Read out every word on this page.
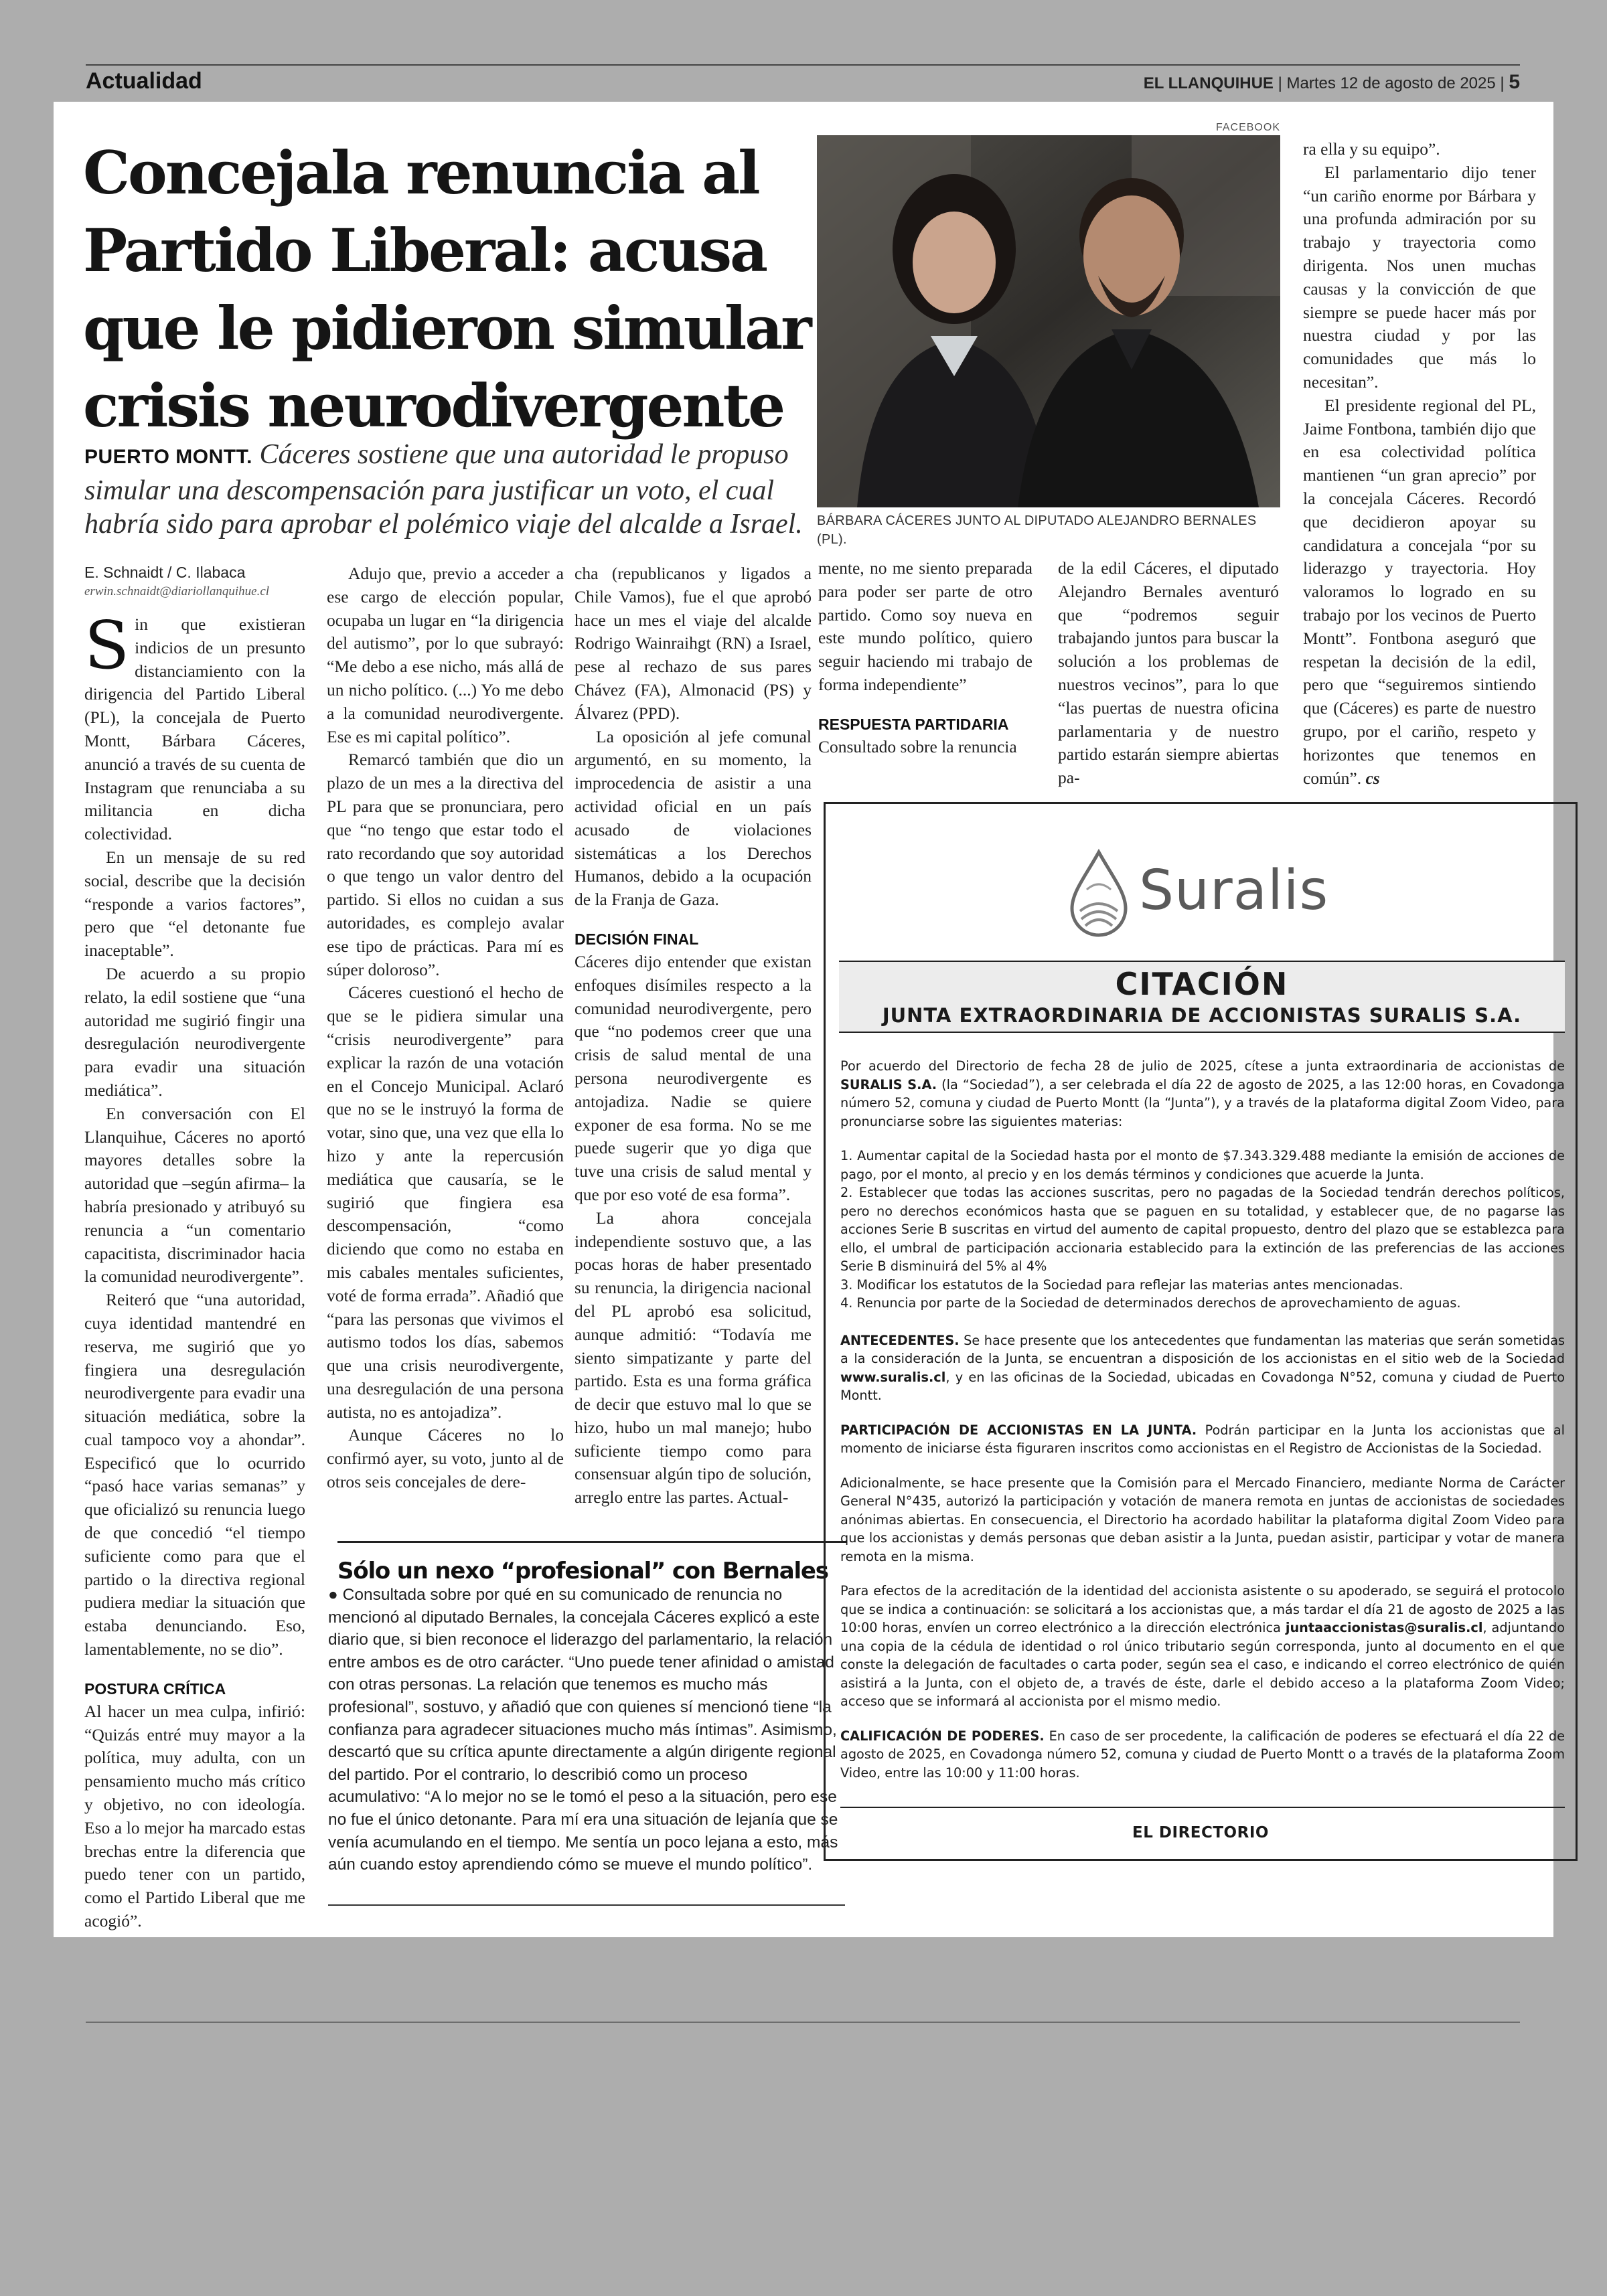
Actualidad	EL LLANQUIHUE | Martes 12 de agosto de 2025 | 5
Concejala renuncia al Partido Liberal: acusa que le pidieron simular crisis neurodivergente
PUERTO MONTT. Cáceres sostiene que una autoridad le propuso simular una descompensación para justificar un voto, el cual habría sido para aprobar el polémico viaje del alcalde a Israel.
E. Schnaidt / C. Ilabaca
erwin.schnaidt@diariollanquihue.cl

Sin que existieran indicios de un presunto distanciamiento con la dirigencia del Partido Liberal (PL), la concejala de Puerto Montt, Bárbara Cáceres, anunció a través de su cuenta de Instagram que renunciaba a su militancia en dicha colectividad.

En un mensaje de su red social, describe que la decisión “responde a varios factores”, pero que “el detonante fue inaceptable”.

De acuerdo a su propio relato, la edil sostiene que “una autoridad me sugirió fingir una desregulación neurodivergente para evadir una situación mediática”.

En conversación con El Llanquihue, Cáceres no aportó mayores detalles sobre la autoridad que –según afirma– la habría presionado y atribuyó su renuncia a “un comentario capacitista, discriminador hacia la comunidad neurodivergente”.

Reiteró que “una autoridad, cuya identidad mantendré en reserva, me sugirió que yo fingiera una desregulación neurodivergente para evadir una situación mediática, sobre la cual tampoco voy a ahondar”. Especificó que lo ocurrido “pasó hace varias semanas” y que oficializó su renuncia luego de que concedió “el tiempo suficiente como para que el partido o la directiva regional pudiera mediar la situación que estaba denunciando. Eso, lamentablemente, no se dio”.

POSTURA CRÍTICA

Al hacer un mea culpa, infirió: “Quizás entré muy mayor a la política, muy adulta, con un pensamiento mucho más crítico y objetivo, no con ideología. Eso a lo mejor ha marcado estas brechas entre la diferencia que puedo tener con un partido, como el Partido Liberal que me acogió”.

Adujo que, previo a acceder a ese cargo de elección popular, ocupaba un lugar en “la dirigencia del autismo”, por lo que subrayó: “Me debo a ese nicho, más allá de un nicho político. (...) Yo me debo a la comunidad neurodivergente. Ese es mi capital político”.

Remarcó también que dio un plazo de un mes a la directiva del PL para que se pronunciara, pero que “no tengo que estar todo el rato recordando que soy autoridad o que tengo un valor dentro del partido. Si ellos no cuidan a sus autoridades, es complejo avalar ese tipo de prácticas. Para mí es súper doloroso”.

Cáceres cuestionó el hecho de que se le pidiera simular una “crisis neurodivergente” para explicar la razón de una votación en el Concejo Municipal. Aclaró que no se le instruyó la forma de votar, sino que, una vez que ella lo hizo y ante la repercusión mediática que causaría, se le sugirió que fingiera esa descompensación, “como diciendo que como no estaba en mis cabales mentales suficientes, voté de forma errada”. Añadió que “para las personas que vivimos el autismo todos los días, sabemos que una crisis neurodivergente, una desregulación de una persona autista, no es antojadiza”.

Aunque Cáceres no lo confirmó ayer, su voto, junto al de otros seis concejales de dere-

cha (republicanos y ligados a Chile Vamos), fue el que aprobó hace un mes el viaje del alcalde Rodrigo Wainraihgt (RN) a Israel, pese al rechazo de sus pares Chávez (FA), Almonacid (PS) y Álvarez (PPD).

La oposición al jefe comunal argumentó, en su momento, la improcedencia de asistir a una actividad oficial en un país acusado de violaciones sistemáticas a los Derechos Humanos, debido a la ocupación de la Franja de Gaza.

DECISIÓN FINAL

Cáceres dijo entender que existan enfoques disímiles respecto a la comunidad neurodivergente, pero que “no podemos creer que una crisis de salud mental de una persona neurodivergente es antojadiza. Nadie se quiere exponer de esa forma. No se me puede sugerir que yo diga que tuve una crisis de salud mental y que por eso voté de esa forma”.

La ahora concejala independiente sostuvo que, a las pocas horas de haber presentado su renuncia, la dirigencia nacional del PL aprobó esa solicitud, aunque admitió: “Todavía me siento simpatizante y parte del partido. Esta es una forma gráfica de decir que estuvo mal lo que se hizo, hubo un mal manejo; hubo suficiente tiempo como para consensuar algún tipo de solución, arreglo entre las partes. Actual-

FACEBOOK
BÁRBARA CÁCERES JUNTO AL DIPUTADO ALEJANDRO BERNALES (PL).

mente, no me siento preparada para poder ser parte de otro partido. Como soy nueva en este mundo político, quiero seguir haciendo mi trabajo de forma independiente”

RESPUESTA PARTIDARIA

Consultado sobre la renuncia

de la edil Cáceres, el diputado Alejandro Bernales aventuró que “podremos seguir trabajando juntos para buscar la solución a los problemas de nuestros vecinos”, para lo que “las puertas de nuestra oficina parlamentaria y de nuestro partido estarán siempre abiertas pa-

ra ella y su equipo”.

El parlamentario dijo tener “un cariño enorme por Bárbara y una profunda admiración por su trabajo y trayectoria como dirigenta. Nos unen muchas causas y la convicción de que siempre se puede hacer más por nuestra ciudad y por las comunidades que más lo necesitan”.

El presidente regional del PL, Jaime Fontbona, también dijo que en esa colectividad política mantienen “un gran aprecio” por la concejala Cáceres. Recordó que decidieron apoyar su candidatura a concejala “por su liderazgo y trayectoria. Hoy valoramos lo logrado en su trabajo por los vecinos de Puerto Montt”. Fontbona aseguró que respetan la decisión de la edil, pero que “seguiremos sintiendo que (Cáceres) es parte de nuestro grupo, por el cariño, respeto y horizontes que tenemos en común”. cs

Sólo un nexo “profesional” con Bernales
● Consultada sobre por qué en su comunicado de renuncia no mencionó al diputado Bernales, la concejala Cáceres explicó a este diario que, si bien reconoce el liderazgo del parlamentario, la relación entre ambos es de otro carácter. “Uno puede tener afinidad o amistad con otras personas. La relación que tenemos es mucho más profesional”, sostuvo, y añadió que con quienes sí mencionó tiene “la confianza para agradecer situaciones mucho más íntimas”. Asimismo, descartó que su crítica apunte directamente a algún dirigente regional del partido. Por el contrario, lo describió como un proceso acumulativo: “A lo mejor no se le tomó el peso a la situación, pero ese no fue el único detonante. Para mí era una situación de lejanía que se venía acumulando en el tiempo. Me sentía un poco lejana a esto, más aún cuando estoy aprendiendo cómo se mueve el mundo político”.
Suralis
CITACIÓN
JUNTA EXTRAORDINARIA DE ACCIONISTAS SURALIS S.A.

Por acuerdo del Directorio de fecha 28 de julio de 2025, cítese a junta extraordinaria de accionistas de SURALIS S.A. (la “Sociedad”), a ser celebrada el día 22 de agosto de 2025, a las 12:00 horas, en Covadonga número 52, comuna y ciudad de Puerto Montt (la “Junta”), y a través de la plataforma digital Zoom Video, para pronunciarse sobre las siguientes materias:

1. Aumentar capital de la Sociedad hasta por el monto de $7.343.329.488 mediante la emisión de acciones de pago, por el monto, al precio y en los demás términos y condiciones que acuerde la Junta.
2. Establecer que todas las acciones suscritas, pero no pagadas de la Sociedad tendrán derechos políticos, pero no derechos económicos hasta que se paguen en su totalidad, y establecer que, de no pagarse las acciones Serie B suscritas en virtud del aumento de capital propuesto, dentro del plazo que se establezca para ello, el umbral de participación accionaria establecido para la extinción de las preferencias de las acciones Serie B disminuirá del 5% al 4%
3. Modificar los estatutos de la Sociedad para reflejar las materias antes mencionadas.
4. Renuncia por parte de la Sociedad de determinados derechos de aprovechamiento de aguas.

ANTECEDENTES. Se hace presente que los antecedentes que fundamentan las materias que serán sometidas a la consideración de la Junta, se encuentran a disposición de los accionistas en el sitio web de la Sociedad www.suralis.cl, y en las oficinas de la Sociedad, ubicadas en Covadonga N°52, comuna y ciudad de Puerto Montt.

PARTICIPACIÓN DE ACCIONISTAS EN LA JUNTA. Podrán participar en la Junta los accionistas que al momento de iniciarse ésta figuraren inscritos como accionistas en el Registro de Accionistas de la Sociedad.

Adicionalmente, se hace presente que la Comisión para el Mercado Financiero, mediante Norma de Carácter General N°435, autorizó la participación y votación de manera remota en juntas de accionistas de sociedades anónimas abiertas. En consecuencia, el Directorio ha acordado habilitar la plataforma digital Zoom Video para que los accionistas y demás personas que deban asistir a la Junta, puedan asistir, participar y votar de manera remota en la misma.

Para efectos de la acreditación de la identidad del accionista asistente o su apoderado, se seguirá el protocolo que se indica a continuación: se solicitará a los accionistas que, a más tardar el día 21 de agosto de 2025 a las 10:00 horas, envíen un correo electrónico a la dirección electrónica juntaaccionistas@suralis.cl, adjuntando una copia de la cédula de identidad o rol único tributario según corresponda, junto al documento en el que conste la delegación de facultades o carta poder, según sea el caso, e indicando el correo electrónico de quién asistirá a la Junta, con el objeto de, a través de éste, darle el debido acceso a la plataforma Zoom Video; acceso que se informará al accionista por el mismo medio.

CALIFICACIÓN DE PODERES. En caso de ser procedente, la calificación de poderes se efectuará el día 22 de agosto de 2025, en Covadonga número 52, comuna y ciudad de Puerto Montt o a través de la plataforma Zoom Video, entre las 10:00 y 11:00 horas.

EL DIRECTORIO
